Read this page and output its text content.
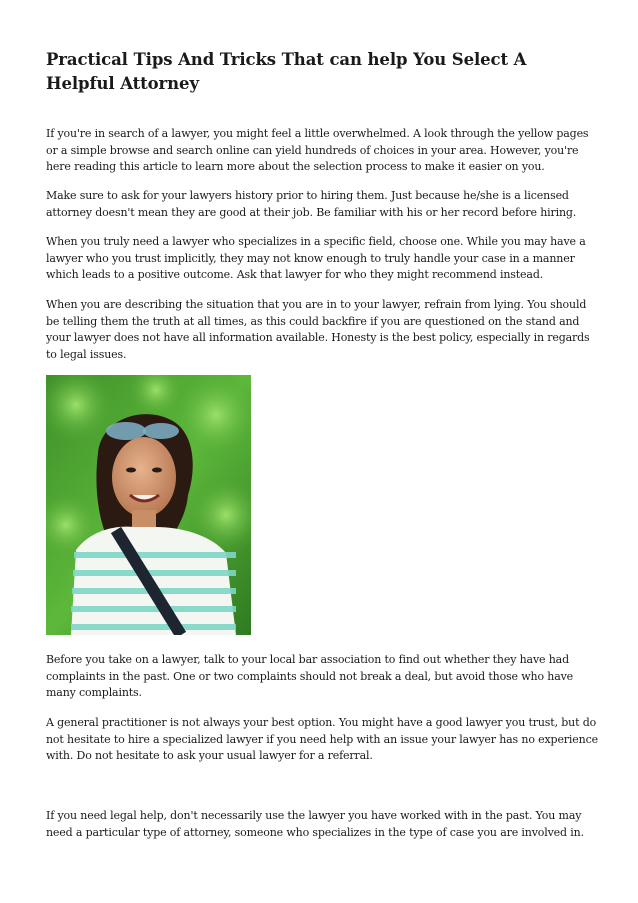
Practical Tips And Tricks That can help You Select A Helpful Attorney

If you're in search of a lawyer, you might feel a little overwhelmed. A look through the yellow pages or a simple browse and search online can yield hundreds of choices in your area. However, you're here reading this article to learn more about the selection process to make it easier on you.

Make sure to ask for your lawyers history prior to hiring them. Just because he/she is a licensed attorney doesn't mean they are good at their job. Be familiar with his or her record before hiring.

When you truly need a lawyer who specializes in a specific field, choose one. While you may have a lawyer who you trust implicitly, they may not know enough to truly handle your case in a manner which leads to a positive outcome. Ask that lawyer for who they might recommend instead.

When you are describing the situation that you are in to your lawyer, refrain from lying. You should be telling them the truth at all times, as this could backfire if you are questioned on the stand and your lawyer does not have all information available. Honesty is the best policy, especially in regards to legal issues.

Before you take on a lawyer, talk to your local bar association to find out whether they have had complaints in the past. One or two complaints should not break a deal, but avoid those who have many complaints.

A general practitioner is not always your best option. You might have a good lawyer you trust, but do not hesitate to hire a specialized lawyer if you need help with an issue your lawyer has no experience with. Do not hesitate to ask your usual lawyer for a referral.

If you need legal help, don't necessarily use the lawyer you have worked with in the past. You may need a particular type of attorney, someone who specializes in the type of case you are involved in.
